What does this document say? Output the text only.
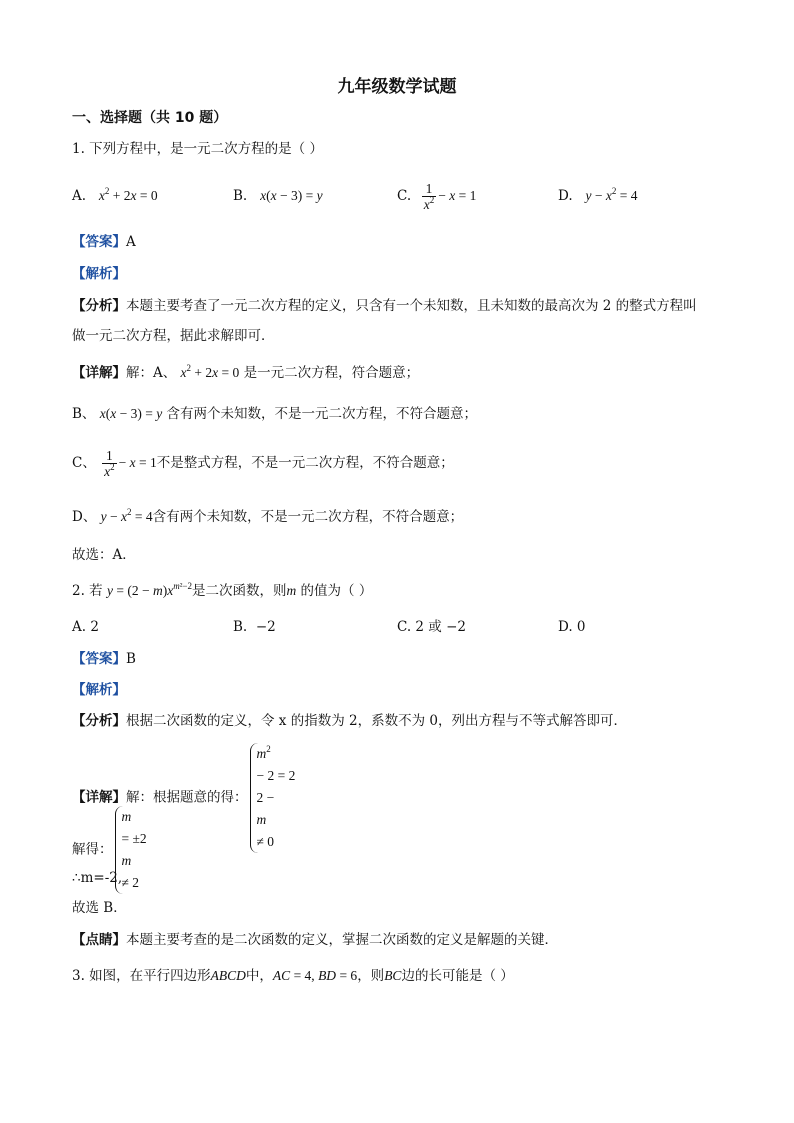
九年级数学试题
一、选择题（共 10 题）
1. 下列方程中，是一元二次方程的是（ ）
A. $x^2 + 2x = 0$	B. x(x − 3) = y	C. $\frac{1}{x^2} - x = 1$	D. $y - x^2 = 4$
【答案】A
【解析】
【分析】本题主要考查了一元二次方程的定义，只含有一个未知数，且未知数的最高次为 2 的整式方程叫
做一元二次方程，据此求解即可．
【详解】解：A、 $x^2 + 2x = 0$ 是一元二次方程，符合题意；
B、 x(x − 3) = y 含有两个未知数，不是一元二次方程，不符合题意；
C、 $\frac{1}{x^2} - x = 1$不是整式方程，不是一元二次方程，不符合题意；
D、 $y - x^2 = 4$含有两个未知数，不是一元二次方程，不符合题意；
故选：A．
2. 若 $y = (2 - m)x^{m^2-2}$是二次函数，则m 的值为（ ）
A. 2	B. −2	C. 2 或 −2	D. 0
【答案】B
【解析】
【分析】根据二次函数的定义，令 x 的指数为 2，系数不为 0，列出方程与不等式解答即可．
【详解】解：根据题意的得：
$m^2$
− 2 = 2
2 −
m
≠ 0
解得：
m
= ±2
m
≠ 2
∴m=-2,
故选 B．
【点睛】本题主要考查的是二次函数的定义，掌握二次函数的定义是解题的关键．
3. 如图，在平行四边形ABCD中，AC = 4, BD = 6，则BC边的长可能是（ ）
